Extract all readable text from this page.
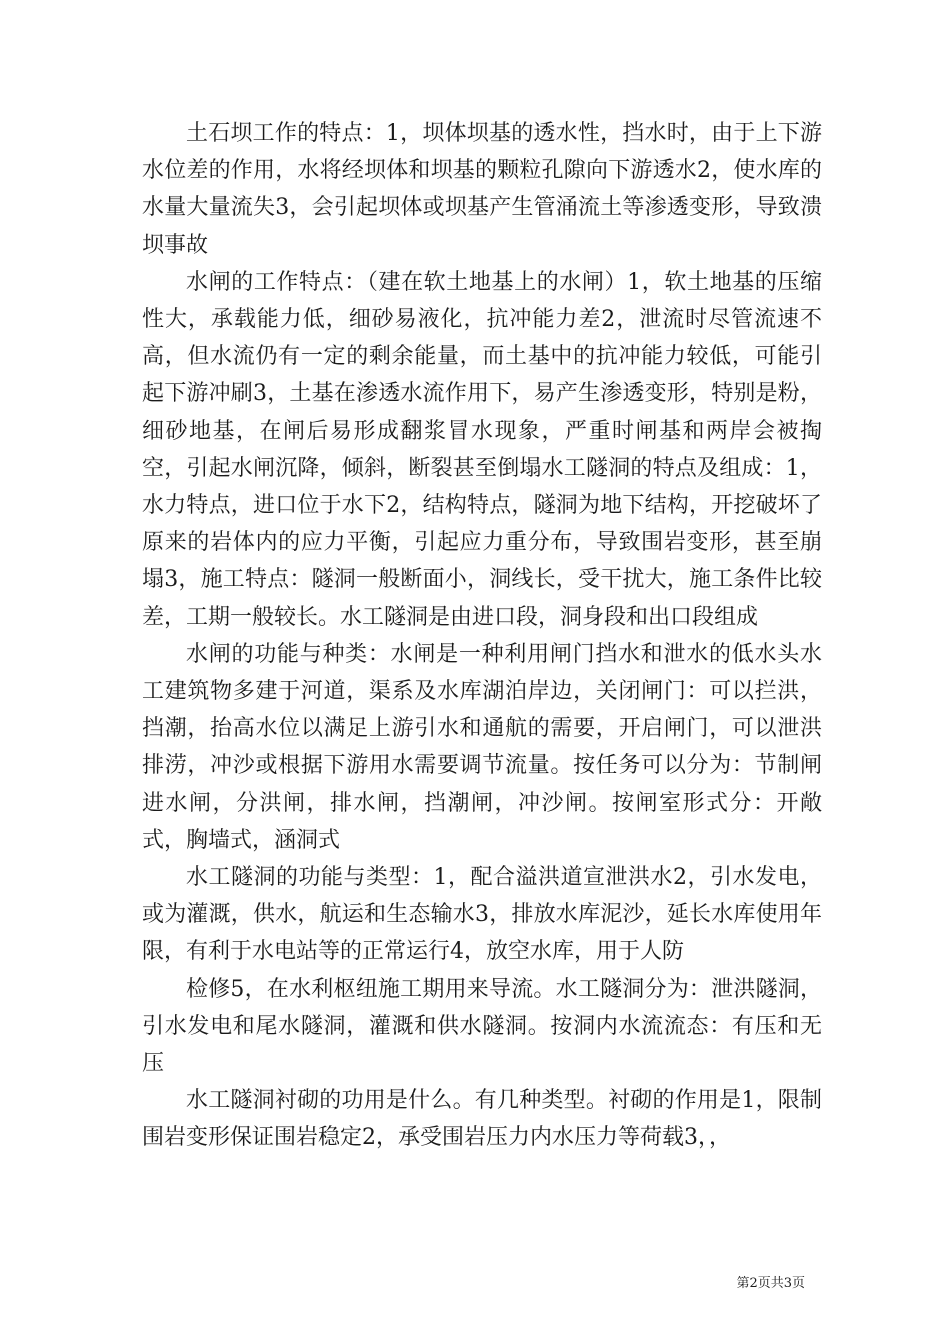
土石坝工作的特点：1，坝体坝基的透水性，挡水时，由于上下游水位差的作用，水将经坝体和坝基的颗粒孔隙向下游透水2，使水库的水量大量流失3，会引起坝体或坝基产生管涌流土等渗透变形，导致溃坝事故

水闸的工作特点：（建在软土地基上的水闸）1，软土地基的压缩性大，承载能力低，细砂易液化，抗冲能力差2，泄流时尽管流速不高，但水流仍有一定的剩余能量，而土基中的抗冲能力较低，可能引起下游冲刷3，土基在渗透水流作用下，易产生渗透变形，特别是粉，细砂地基，在闸后易形成翻浆冒水现象，严重时闸基和两岸会被掏空，引起水闸沉降，倾斜，断裂甚至倒塌水工隧洞的特点及组成：1，水力特点，进口位于水下2，结构特点，隧洞为地下结构，开挖破坏了原来的岩体内的应力平衡，引起应力重分布，导致围岩变形，甚至崩塌3，施工特点：隧洞一般断面小，洞线长，受干扰大，施工条件比较差，工期一般较长。水工隧洞是由进口段，洞身段和出口段组成

水闸的功能与种类：水闸是一种利用闸门挡水和泄水的低水头水工建筑物多建于河道，渠系及水库湖泊岸边，关闭闸门：可以拦洪，挡潮，抬高水位以满足上游引水和通航的需要，开启闸门，可以泄洪排涝，冲沙或根据下游用水需要调节流量。按任务可以分为：节制闸进水闸，分洪闸，排水闸，挡潮闸，冲沙闸。按闸室形式分：开敞式，胸墙式，涵洞式

水工隧洞的功能与类型：1，配合溢洪道宣泄洪水2，引水发电，或为灌溉，供水，航运和生态输水3，排放水库泥沙，延长水库使用年限，有利于水电站等的正常运行4，放空水库，用于人防

检修5，在水利枢纽施工期用来导流。水工隧洞分为：泄洪隧洞，引水发电和尾水隧洞，灌溉和供水隧洞。按洞内水流流态：有压和无压

水工隧洞衬砌的功用是什么。有几种类型。衬砌的作用是1，限制围岩变形保证围岩稳定2，承受围岩压力内水压力等荷载3，，

第2页共3页
